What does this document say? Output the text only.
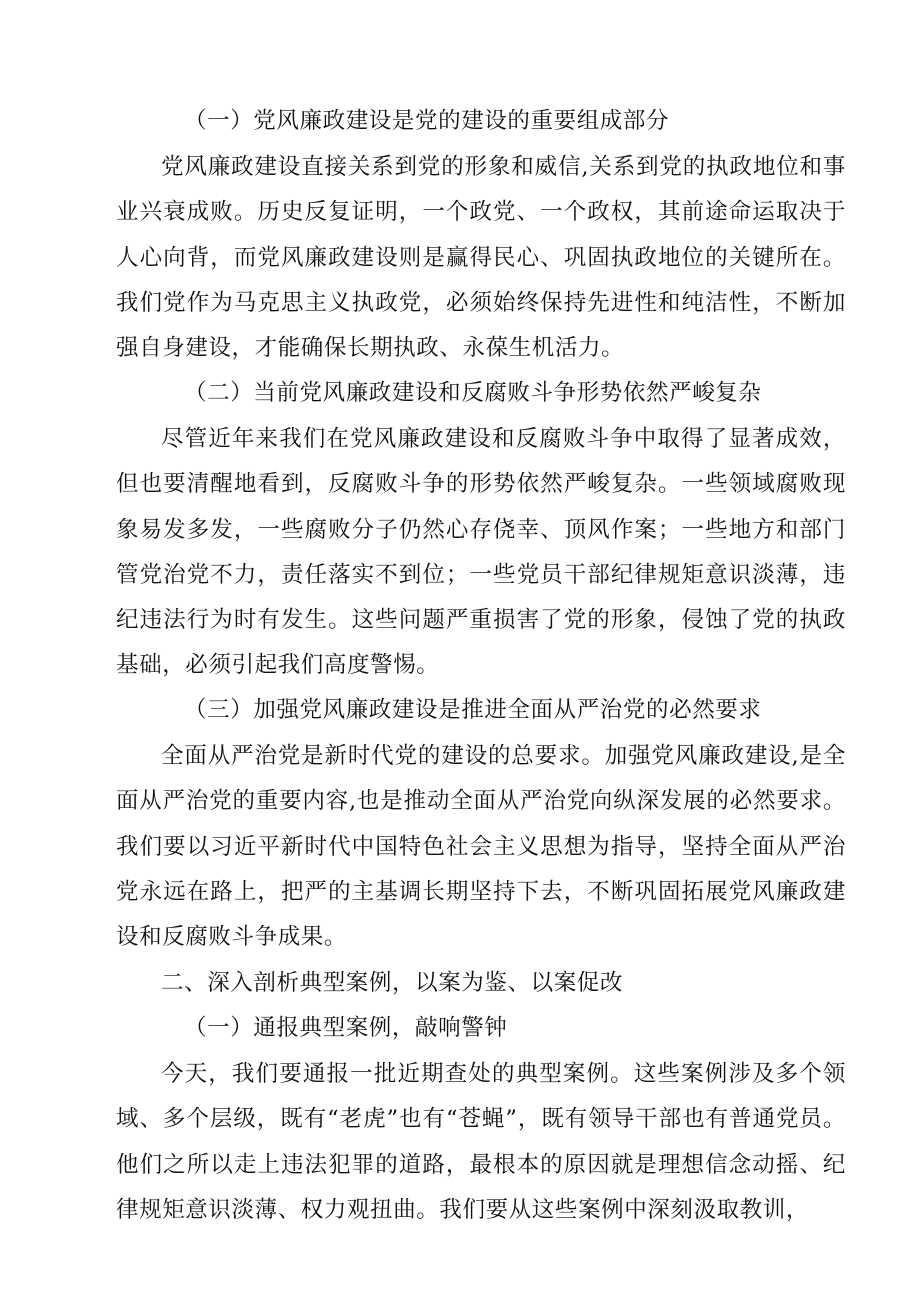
（一）党风廉政建设是党的建设的重要组成部分

党风廉政建设直接关系到党的形象和威信,关系到党的执政地位和事业兴衰成败。历史反复证明，一个政党、一个政权，其前途命运取决于人心向背，而党风廉政建设则是赢得民心、巩固执政地位的关键所在。我们党作为马克思主义执政党，必须始终保持先进性和纯洁性，不断加强自身建设，才能确保长期执政、永葆生机活力。

（二）当前党风廉政建设和反腐败斗争形势依然严峻复杂

尽管近年来我们在党风廉政建设和反腐败斗争中取得了显著成效，但也要清醒地看到，反腐败斗争的形势依然严峻复杂。一些领域腐败现象易发多发，一些腐败分子仍然心存侥幸、顶风作案；一些地方和部门管党治党不力，责任落实不到位；一些党员干部纪律规矩意识淡薄，违纪违法行为时有发生。这些问题严重损害了党的形象，侵蚀了党的执政基础，必须引起我们高度警惕。

（三）加强党风廉政建设是推进全面从严治党的必然要求

全面从严治党是新时代党的建设的总要求。加强党风廉政建设,是全面从严治党的重要内容,也是推动全面从严治党向纵深发展的必然要求。我们要以习近平新时代中国特色社会主义思想为指导，坚持全面从严治党永远在路上，把严的主基调长期坚持下去，不断巩固拓展党风廉政建设和反腐败斗争成果。

二、深入剖析典型案例，以案为鉴、以案促改

（一）通报典型案例，敲响警钟

今天，我们要通报一批近期查处的典型案例。这些案例涉及多个领域、多个层级，既有“老虎”也有“苍蝇”，既有领导干部也有普通党员。他们之所以走上违法犯罪的道路，最根本的原因就是理想信念动摇、纪律规矩意识淡薄、权力观扭曲。我们要从这些案例中深刻汲取教训，
